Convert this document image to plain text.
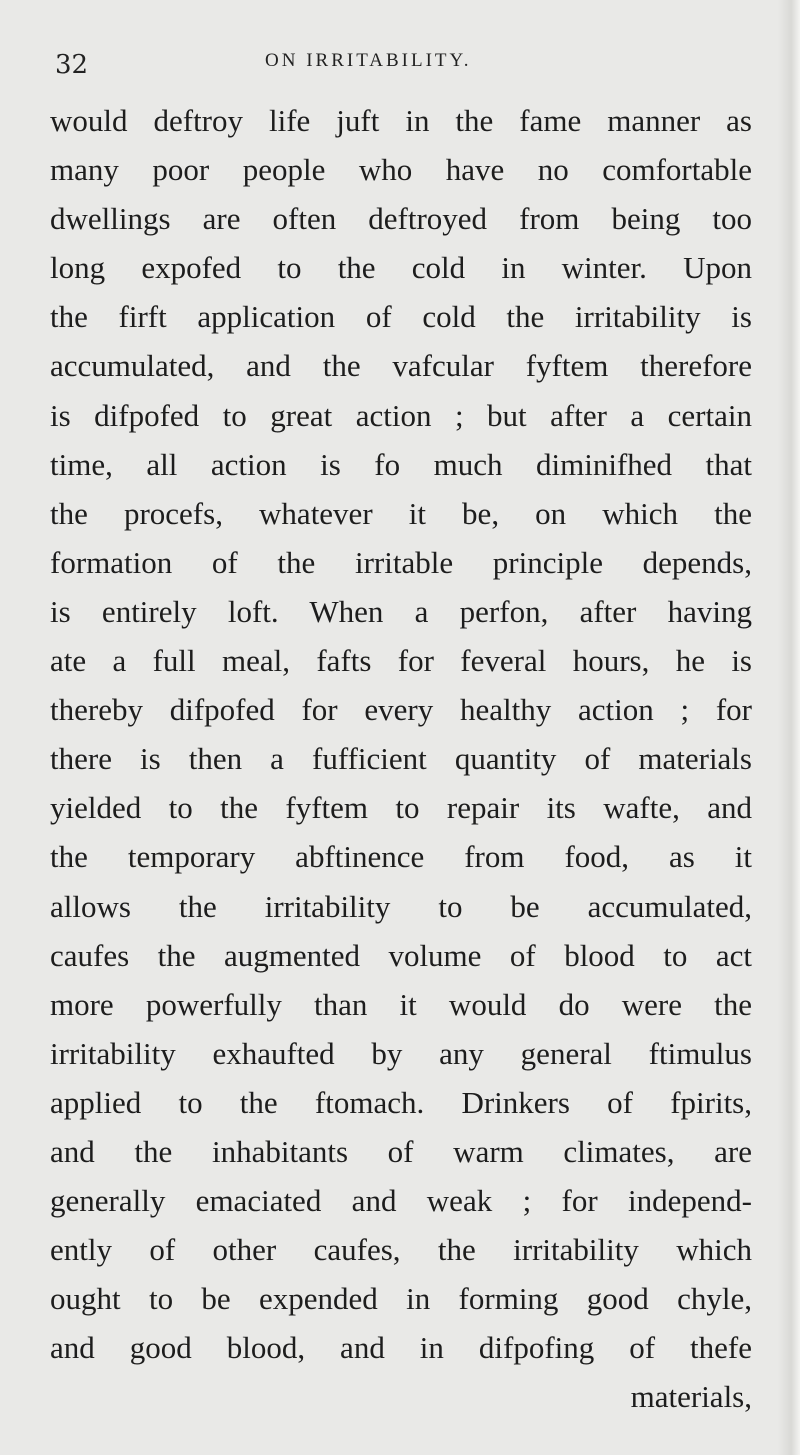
32	ON IRRITABILITY.
would deftroy life juft in the fame manner as
many poor people who have no comfortable
dwellings are often deftroyed from being too
long expofed to the cold in winter. Upon
the firft application of cold the irritability is
accumulated, and the vafcular fyftem therefore
is difpofed to great action ; but after a certain
time, all action is fo much diminifhed that
the procefs, whatever it be, on which the
formation of the irritable principle depends,
is entirely loft. When a perfon, after having
ate a full meal, fafts for feveral hours, he is
thereby difpofed for every healthy action ; for
there is then a fufficient quantity of materials
yielded to the fyftem to repair its wafte, and
the temporary abftinence from food, as it
allows the irritability to be accumulated,
caufes the augmented volume of blood to act
more powerfully than it would do were the
irritability exhaufted by any general ftimulus
applied to the ftomach. Drinkers of fpirits,
and the inhabitants of warm climates, are
generally emaciated and weak ; for independ-
ently of other caufes, the irritability which
ought to be expended in forming good chyle,
and good blood, and in difpofing of thefe
materials,
